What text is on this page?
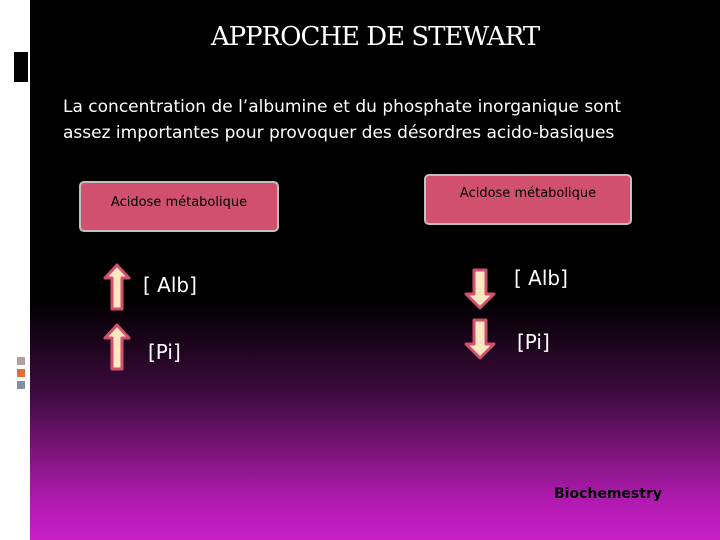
APPROCHE DE STEWART
La concentration de l’albumine et du phosphate inorganique sont
assez importantes pour provoquer des désordres acido-basiques
Acidose métabolique
Acidose métabolique
[ Alb]
[Pi]
[ Alb]
[Pi]
Biochemestry
